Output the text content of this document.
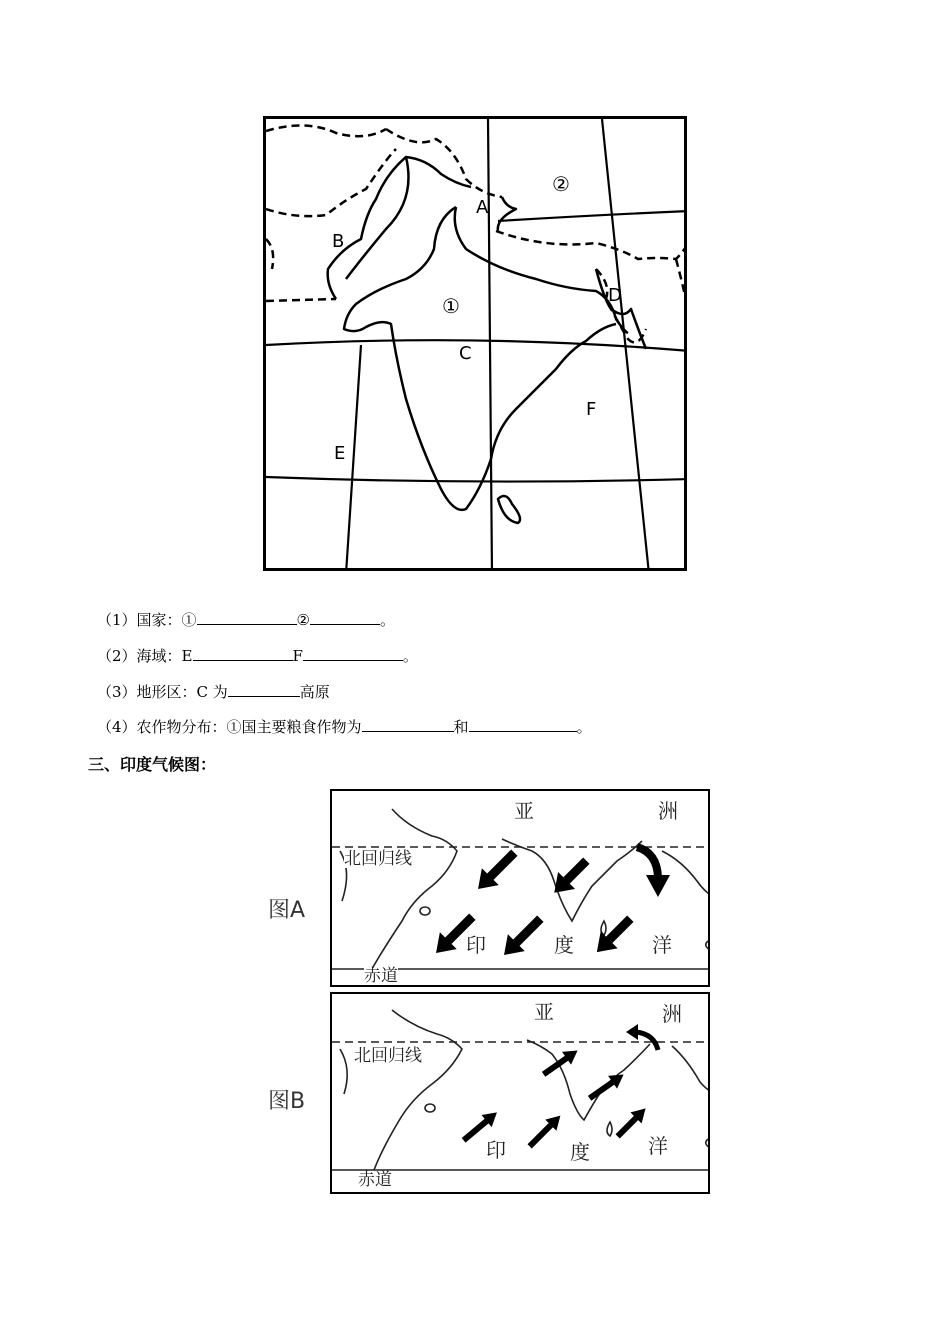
A
B
C
D
E
F
①
②
（1）国家：①	②	。
（2）海域：E	F	。
（3）地形区：C 为	高原
（4）农作物分布：①国主要粮食作物为	和	。
三、印度气候图：
图A
亚	洲
北回归线
印	度	洋
赤道
图B
亚	洲
北回归线
印	度	洋
赤道
